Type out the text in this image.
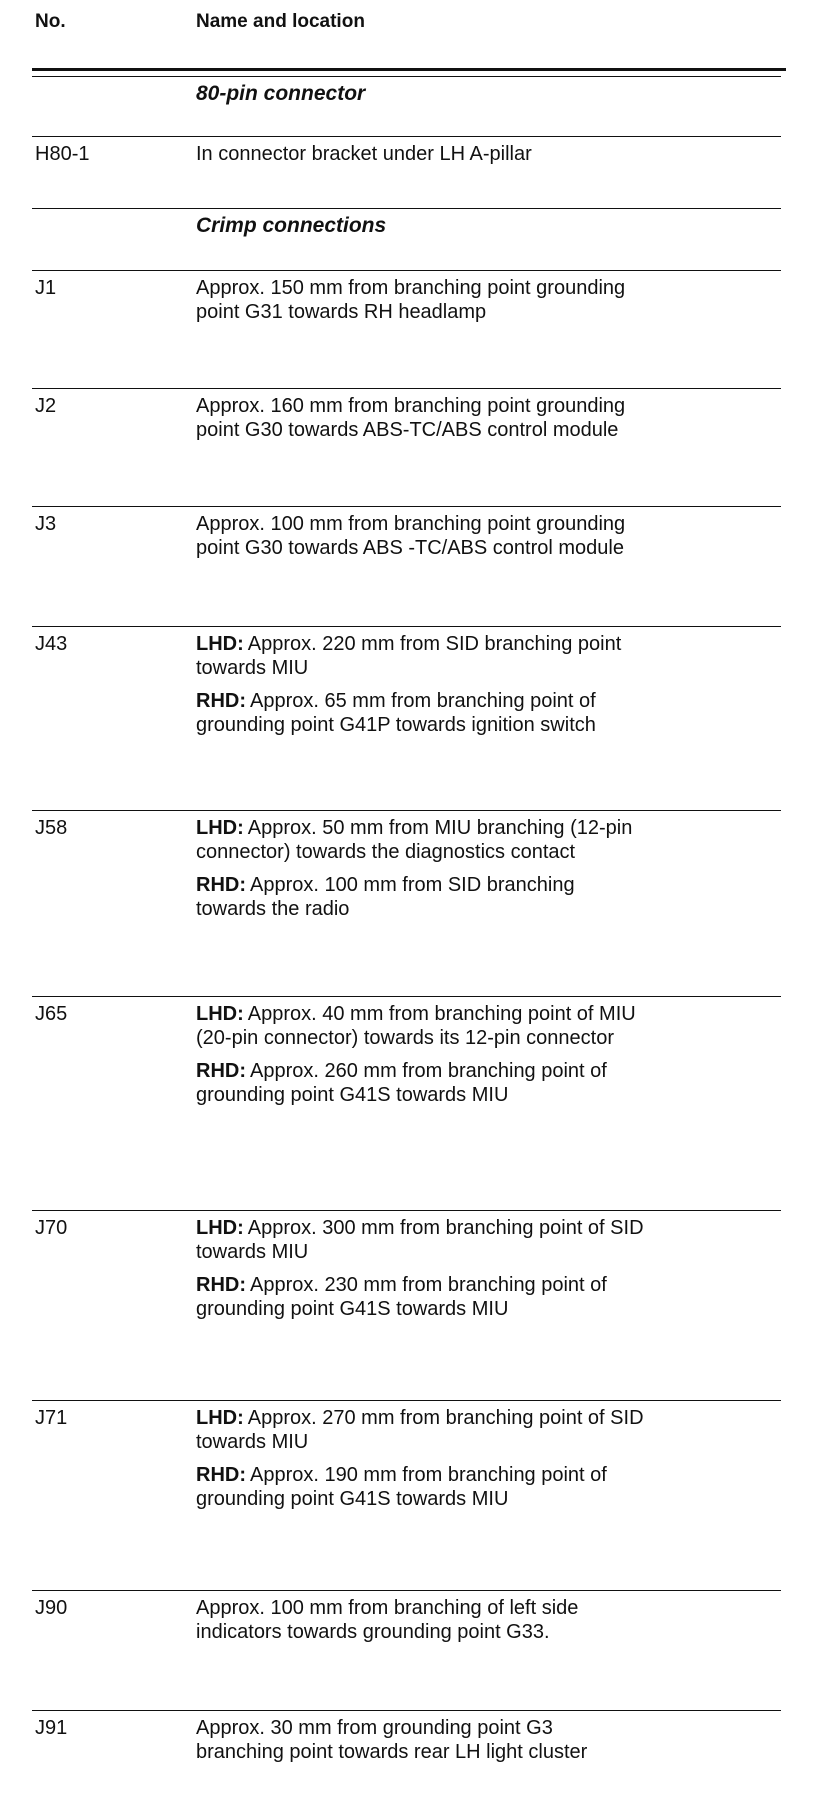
No.	Name and location
80-pin connector
H80-1	In connector bracket under LH A-pillar

Crimp connections
J1	Approx. 150 mm from branching point grounding point G31 towards RH headlamp

J2	Approx. 160 mm from branching point grounding point G30 towards ABS-TC/ABS control module

J3	Approx. 100 mm from branching point grounding point G30 towards ABS -TC/ABS control module

J43	LHD: Approx. 220 mm from SID branching point towards MIU

RHD: Approx. 65 mm from branching point of grounding point G41P towards ignition switch

J58	LHD: Approx. 50 mm from MIU branching (12-pin connector) towards the diagnostics contact

RHD: Approx. 100 mm from SID branching towards the radio

J65	LHD: Approx. 40 mm from branching point of MIU (20-pin connector) towards its 12-pin connector

RHD: Approx. 260 mm from branching point of grounding point G41S towards MIU

J70	LHD: Approx. 300 mm from branching point of SID towards MIU

RHD: Approx. 230 mm from branching point of grounding point G41S towards MIU

J71	LHD: Approx. 270 mm from branching point of SID towards MIU

RHD: Approx. 190 mm from branching point of grounding point G41S towards MIU

J90	Approx. 100 mm from branching of left side indicators towards grounding point G33.

J91	Approx. 30 mm from grounding point G3 branching point towards rear LH light cluster
